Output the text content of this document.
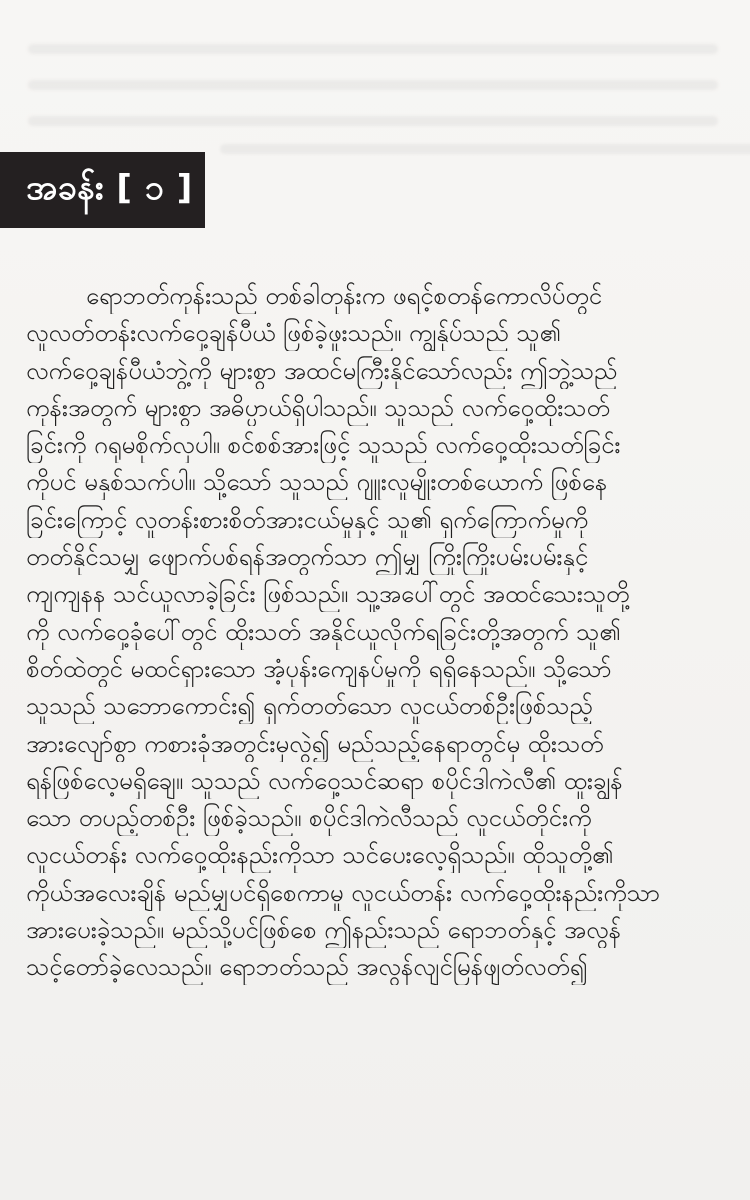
အခန်း [ ၁ ]
ရောဘတ်ကုန်းသည် တစ်ခါတုန်းက ဖရင့်စတန်ကောလိပ်တွင်
လူလတ်တန်းလက်ဝှေ့ချန်ပီယံ ဖြစ်ခဲ့ဖူးသည်။ ကျွန်ုပ်သည် သူ၏
လက်ဝှေ့ချန်ပီယံဘွဲ့ကို များစွာ အထင်မကြီးနိုင်သော်လည်း ဤဘွဲ့သည်
ကုန်းအတွက် များစွာ အဓိပ္ပာယ်ရှိပါသည်။ သူသည် လက်ဝှေ့ထိုးသတ်
ခြင်းကို ဂရုမစိုက်လှပါ။ စင်စစ်အားဖြင့် သူသည် လက်ဝှေ့ထိုးသတ်ခြင်း
ကိုပင် မနှစ်သက်ပါ။ သို့သော် သူသည် ဂျူးလူမျိုးတစ်ယောက် ဖြစ်နေ
ခြင်းကြောင့် လူတန်းစားစိတ်အားငယ်မှုနှင့် သူ၏ ရှက်ကြောက်မှုကို
တတ်နိုင်သမျှ ဖျောက်ပစ်ရန်အတွက်သာ ဤမျှ ကြိုးကြိုးပမ်းပမ်းနှင့်
ကျကျနန သင်ယူလာခဲ့ခြင်း ဖြစ်သည်။ သူ့အပေါ်တွင် အထင်သေးသူတို့
ကို လက်ဝှေ့ခုံပေါ်တွင် ထိုးသတ် အနိုင်ယူလိုက်ရခြင်းတို့အတွက် သူ၏
စိတ်ထဲတွင် မထင်ရှားသော အံ့ပုန်းကျေနပ်မှုကို ရရှိနေသည်။ သို့သော်
သူသည် သဘောကောင်း၍ ရှက်တတ်သော လူငယ်တစ်ဦးဖြစ်သည့်
အားလျော်စွာ ကစားခုံအတွင်းမှလွဲ၍ မည်သည့်နေရာတွင်မှ ထိုးသတ်
ရန်ဖြစ်လေ့မရှိချေ။ သူသည် လက်ဝှေ့သင်ဆရာ စပိုင်ဒါကဲလီ၏ ထူးချွန်
သော တပည့်တစ်ဦး ဖြစ်ခဲ့သည်။ စပိုင်ဒါကဲလီသည် လူငယ်တိုင်းကို
လူငယ်တန်း လက်ဝှေ့ထိုးနည်းကိုသာ သင်ပေးလေ့ရှိသည်။ ထိုသူတို့၏
ကိုယ်အလေးချိန် မည်မျှပင်ရှိစေကာမူ လူငယ်တန်း လက်ဝှေ့ထိုးနည်းကိုသာ
အားပေးခဲ့သည်။ မည်သို့ပင်ဖြစ်စေ ဤနည်းသည် ရောဘတ်နှင့် အလွန်
သင့်တော်ခဲ့လေသည်။ ရောဘတ်သည် အလွန်လျင်မြန်ဖျတ်လတ်၍
